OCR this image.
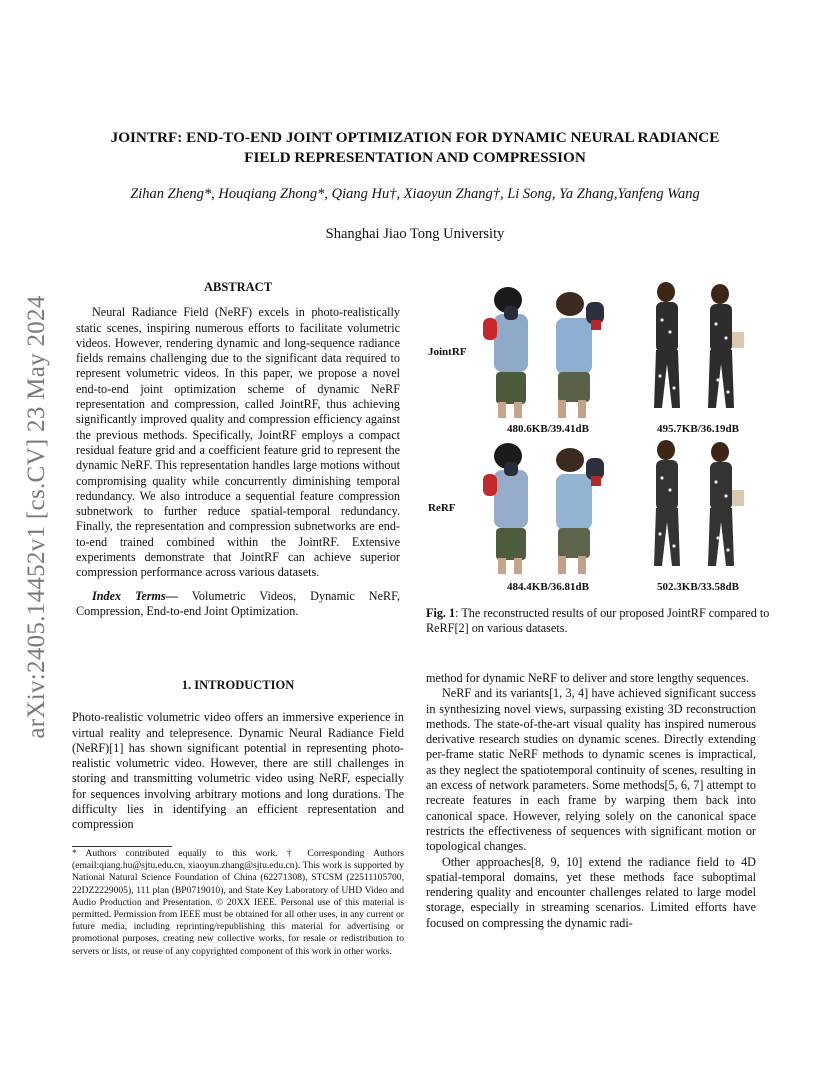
arXiv:2405.14452v1 [cs.CV] 23 May 2024
JOINTRF: END-TO-END JOINT OPTIMIZATION FOR DYNAMIC NEURAL RADIANCE
FIELD REPRESENTATION AND COMPRESSION
Zihan Zheng*, Houqiang Zhong*, Qiang Hu†, Xiaoyun Zhang†, Li Song, Ya Zhang,Yanfeng Wang
Shanghai Jiao Tong University
ABSTRACT

Neural Radiance Field (NeRF) excels in photo-realistically static scenes, inspiring numerous efforts to facilitate volumetric videos. However, rendering dynamic and long-sequence radiance fields remains challenging due to the significant data required to represent volumetric videos. In this paper, we propose a novel end-to-end joint optimization scheme of dynamic NeRF representation and compression, called JointRF, thus achieving significantly improved quality and compression efficiency against the previous methods. Specifically, JointRF employs a compact residual feature grid and a coefficient feature grid to represent the dynamic NeRF. This representation handles large motions without compromising quality while concurrently diminishing temporal redundancy. We also introduce a sequential feature compression subnetwork to further reduce spatial-temporal redundancy. Finally, the representation and compression subnetworks are end-to-end trained combined within the JointRF. Extensive experiments demonstrate that JointRF can achieve superior compression performance across various datasets.

Index Terms— Volumetric Videos, Dynamic NeRF, Compression, End-to-end Joint Optimization.

1. INTRODUCTION

Photo-realistic volumetric video offers an immersive experience in virtual reality and telepresence. Dynamic Neural Radiance Field (NeRF)[1] has shown significant potential in representing photo-realistic volumetric video. However, there are still challenges in storing and transmitting volumetric video using NeRF, especially for sequences involving arbitrary motions and long durations. The difficulty lies in identifying an efficient representation and compression

* Authors contributed equally to this work. † Corresponding Authors (email:qiang.hu@sjtu.edu.cn, xiaoyun.zhang@sjtu.edu.cn). This work is supported by National Natural Science Foundation of China (62271308), STCSM (22511105700, 22DZ2229005), 111 plan (BP0719010), and State Key Laboratory of UHD Video and Audio Production and Presentation. © 20XX IEEE. Personal use of this material is permitted. Permission from IEEE must be obtained for all other uses, in any current or future media, including reprinting/republishing this material for advertising or promotional purposes, creating new collective works, for resale or redistribution to servers or lists, or reuse of any copyrighted component of this work in other works.
JointRF
ReRF
480.6KB/39.41dB	495.7KB/36.19dB
484.4KB/36.81dB	502.3KB/33.58dB
Fig. 1: The reconstructed results of our proposed JointRF compared to ReRF[2] on various datasets.

method for dynamic NeRF to deliver and store lengthy sequences.

NeRF and its variants[1, 3, 4] have achieved significant success in synthesizing novel views, surpassing existing 3D reconstruction methods. The state-of-the-art visual quality has inspired numerous derivative research studies on dynamic scenes. Directly extending per-frame static NeRF methods to dynamic scenes is impractical, as they neglect the spatiotemporal continuity of scenes, resulting in an excess of network parameters. Some methods[5, 6, 7] attempt to recreate features in each frame by warping them back into canonical space. However, relying solely on the canonical space restricts the effectiveness of sequences with significant motion or topological changes.

Other approaches[8, 9, 10] extend the radiance field to 4D spatial-temporal domains, yet these methods face suboptimal rendering quality and encounter challenges related to large model storage, especially in streaming scenarios. Limited efforts have focused on compressing the dynamic radi-
